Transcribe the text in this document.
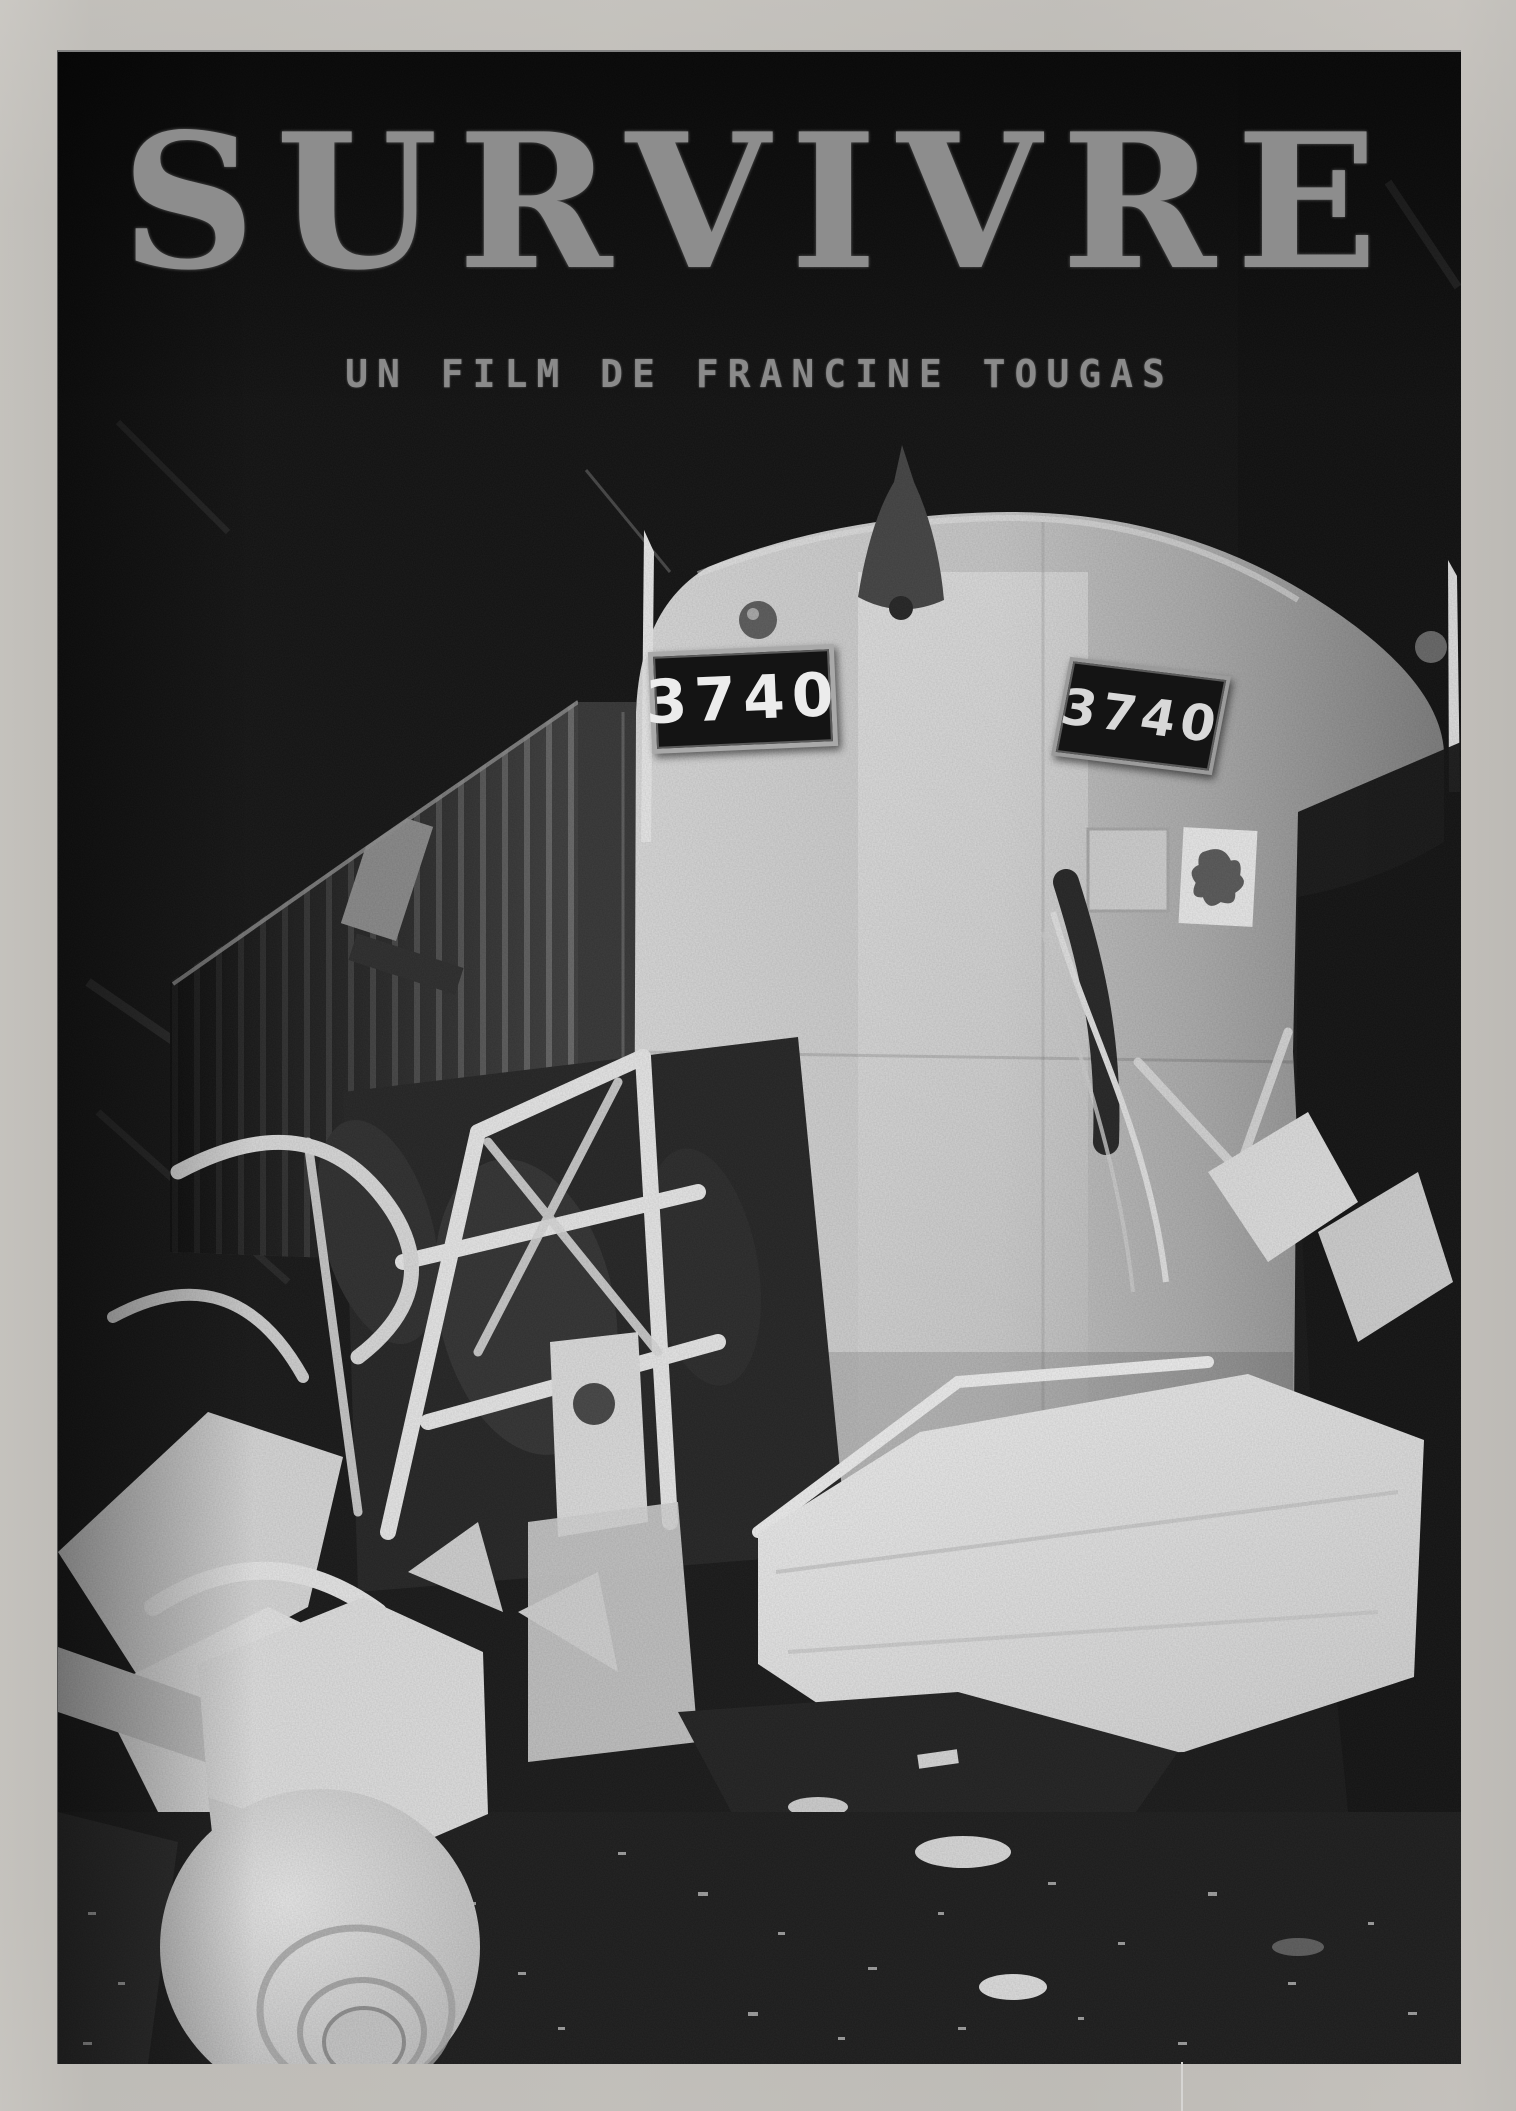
SURVIVRE
UN FILM DE FRANCINE TOUGAS
3740	3740
